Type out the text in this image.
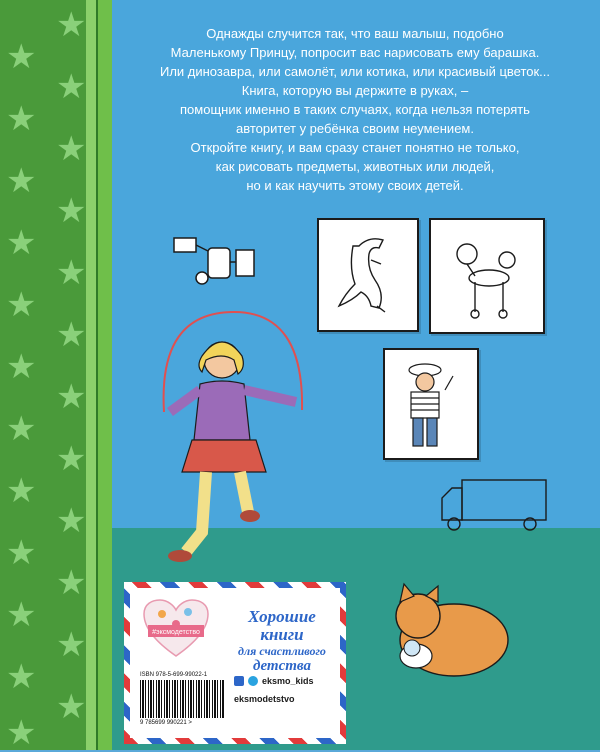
★
★
★
★
★
★
★
★
★
★
★
★
★
★
★
★
★
★
★
★
★
★
★
★

Однажды случится так, что ваш малыш, подобно

Маленькому Принцу, попросит вас нарисовать ему барашка.

Или динозавра, или самолёт, или котика, или красивый цветок...

Книга, которую вы держите в руках, –

помощник именно в таких случаях, когда нельзя потерять

авторитет у ребёнка своим неумением.

Откройте книгу, и вам сразу станет понятно не только,

как рисовать предметы, животных или людей,

но и как научить этому своих детей.

#эксмодетство
Хорошие
книги
для счастливого
детства
ISBN 978-5-699-99022-1
9 785699 990221 >
eksmo_kids
eksmodetstvo
